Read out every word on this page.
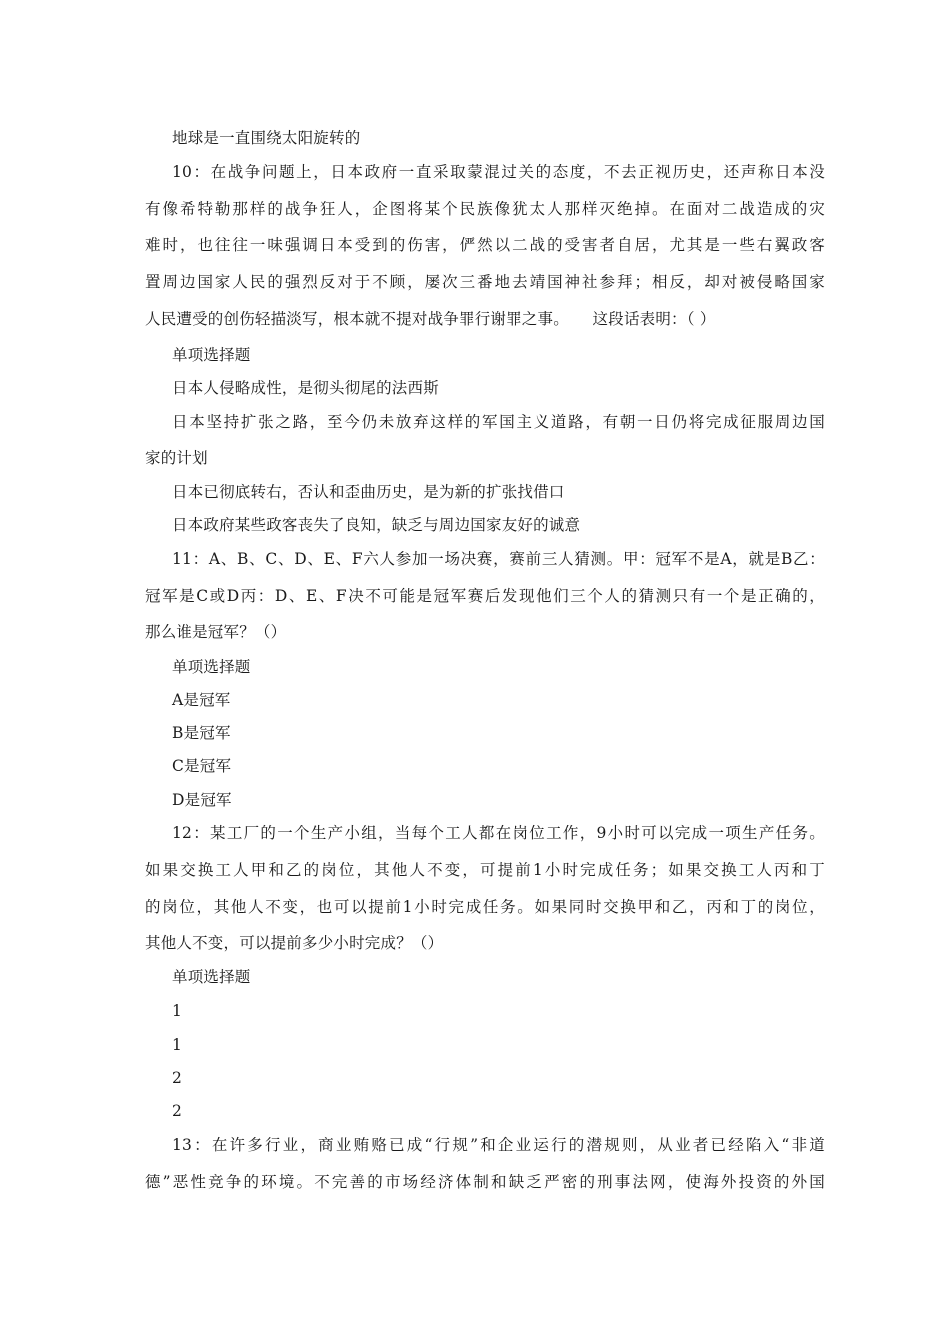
地球是一直围绕太阳旋转的
10：在战争问题上，日本政府一直采取蒙混过关的态度，不去正视历史，还声称日本没
有像希特勒那样的战争狂人，企图将某个民族像犹太人那样灭绝掉。在面对二战造成的灾
难时，也往往一味强调日本受到的伤害，俨然以二战的受害者自居，尤其是一些右翼政客
置周边国家人民的强烈反对于不顾，屡次三番地去靖国神社参拜；相反，却对被侵略国家
人民遭受的创伤轻描淡写，根本就不提对战争罪行谢罪之事。　　这段话表明：（ ）
单项选择题
日本人侵略成性，是彻头彻尾的法西斯
日本坚持扩张之路，至今仍未放弃这样的军国主义道路，有朝一日仍将完成征服周边国
家的计划
日本已彻底转右，否认和歪曲历史，是为新的扩张找借口
日本政府某些政客丧失了良知，缺乏与周边国家友好的诚意
11：A、B、C、D、E、F六人参加一场决赛，赛前三人猜测。甲：冠军不是A，就是B乙：
冠军是C或D丙：D、E、F决不可能是冠军赛后发现他们三个人的猜测只有一个是正确的，
那么谁是冠军？（）
单项选择题
A是冠军
B是冠军
C是冠军
D是冠军
12：某工厂的一个生产小组，当每个工人都在岗位工作，9小时可以完成一项生产任务。
如果交换工人甲和乙的岗位，其他人不变，可提前1小时完成任务；如果交换工人丙和丁
的岗位，其他人不变，也可以提前1小时完成任务。如果同时交换甲和乙，丙和丁的岗位，
其他人不变，可以提前多少小时完成？（）
单项选择题
1
1
2
2
13：在许多行业，商业贿赂已成“行规”和企业运行的潜规则，从业者已经陷入“非道
德”恶性竞争的环境。不完善的市场经济体制和缺乏严密的刑事法网，使海外投资的外国
